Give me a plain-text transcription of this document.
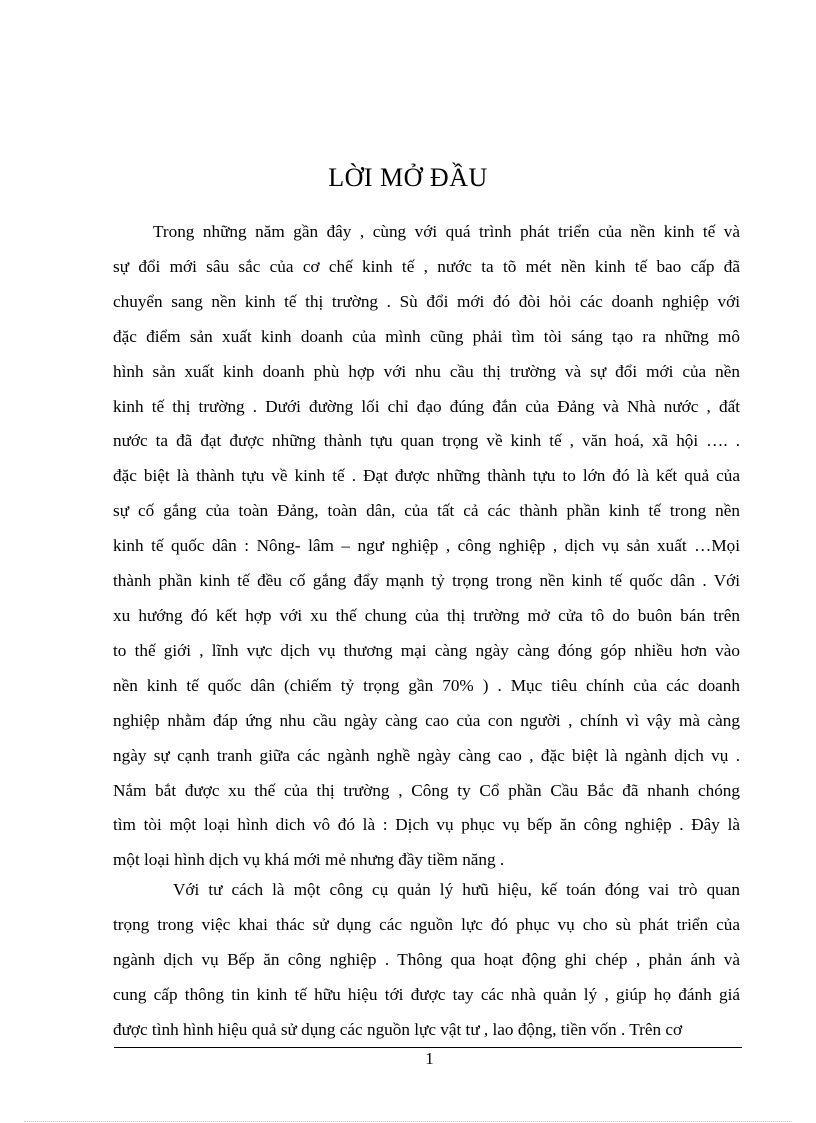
LỜI MỞ ĐẦU

Trong những năm gần đây , cùng với quá trình phát triển của nền kinh tế và
sự đổi mới sâu sắc của cơ chế kinh tế , nước ta tõ mét nền kinh tế bao cấp đã
chuyển sang nền kinh tế thị trường . Sù đổi mới đó đòi hỏi các doanh nghiệp với
đặc điểm sản xuất kinh doanh của mình cũng phải tìm tòi sáng tạo ra những mô
hình sản xuất kinh doanh phù hợp với nhu cầu thị trường và sự đổi mới của nền
kinh tế thị trường . Dưới đường lối chỉ đạo đúng đắn của Đảng và Nhà nước , đất
nước ta đã đạt được những thành tựu quan trọng về kinh tế , văn hoá, xã hội …. .
đặc biệt là thành tựu về kinh tế . Đạt được những thành tựu to lớn đó là kết quả của
sự cố gắng của toàn Đảng, toàn dân, của tất cả các thành phần kinh tế trong nền
kinh tế quốc dân : Nông- lâm – ngư nghiệp , công nghiệp , dịch vụ sản xuất …Mọi
thành phần kinh tế đều cố gắng đẩy mạnh tỷ trọng trong nền kinh tế quốc dân . Với
xu hướng đó kết hợp với xu thế chung của thị trường mở cửa tô do buôn bán trên
to thế giới , lĩnh vực dịch vụ thương mại càng ngày càng đóng góp nhiều hơn vào
nền kinh tế quốc dân (chiếm tỷ trọng gần 70% ) . Mục tiêu chính của các doanh
nghiệp nhằm đáp ứng nhu cầu ngày càng cao của con người , chính vì vậy mà càng
ngày sự cạnh tranh giữa các ngành nghề ngày càng cao , đặc biệt là ngành dịch vụ .
Nắm bắt được xu thế của thị trường , Công ty Cổ phần Cầu Bắc đã nhanh chóng
tìm tòi một loại hình dich vô đó là : Dịch vụ phục vụ bếp ăn công nghiệp . Đây là
một loại hình dịch vụ khá mới mẻ nhưng đầy tiềm năng .

Với tư cách là một công cụ quản lý hưũ hiệu, kế toán đóng vai trò quan
trọng trong việc khai thác sử dụng các nguồn lực đó phục vụ cho sù phát triển của
ngành dịch vụ Bếp ăn công nghiệp . Thông qua hoạt động ghi chép , phản ánh và
cung cấp thông tin kinh tế hữu hiệu tới được tay các nhà quản lý , giúp họ đánh giá
được tình hình hiệu quả sử dụng các nguồn lực vật tư , lao động, tiền vốn . Trên cơ

1
